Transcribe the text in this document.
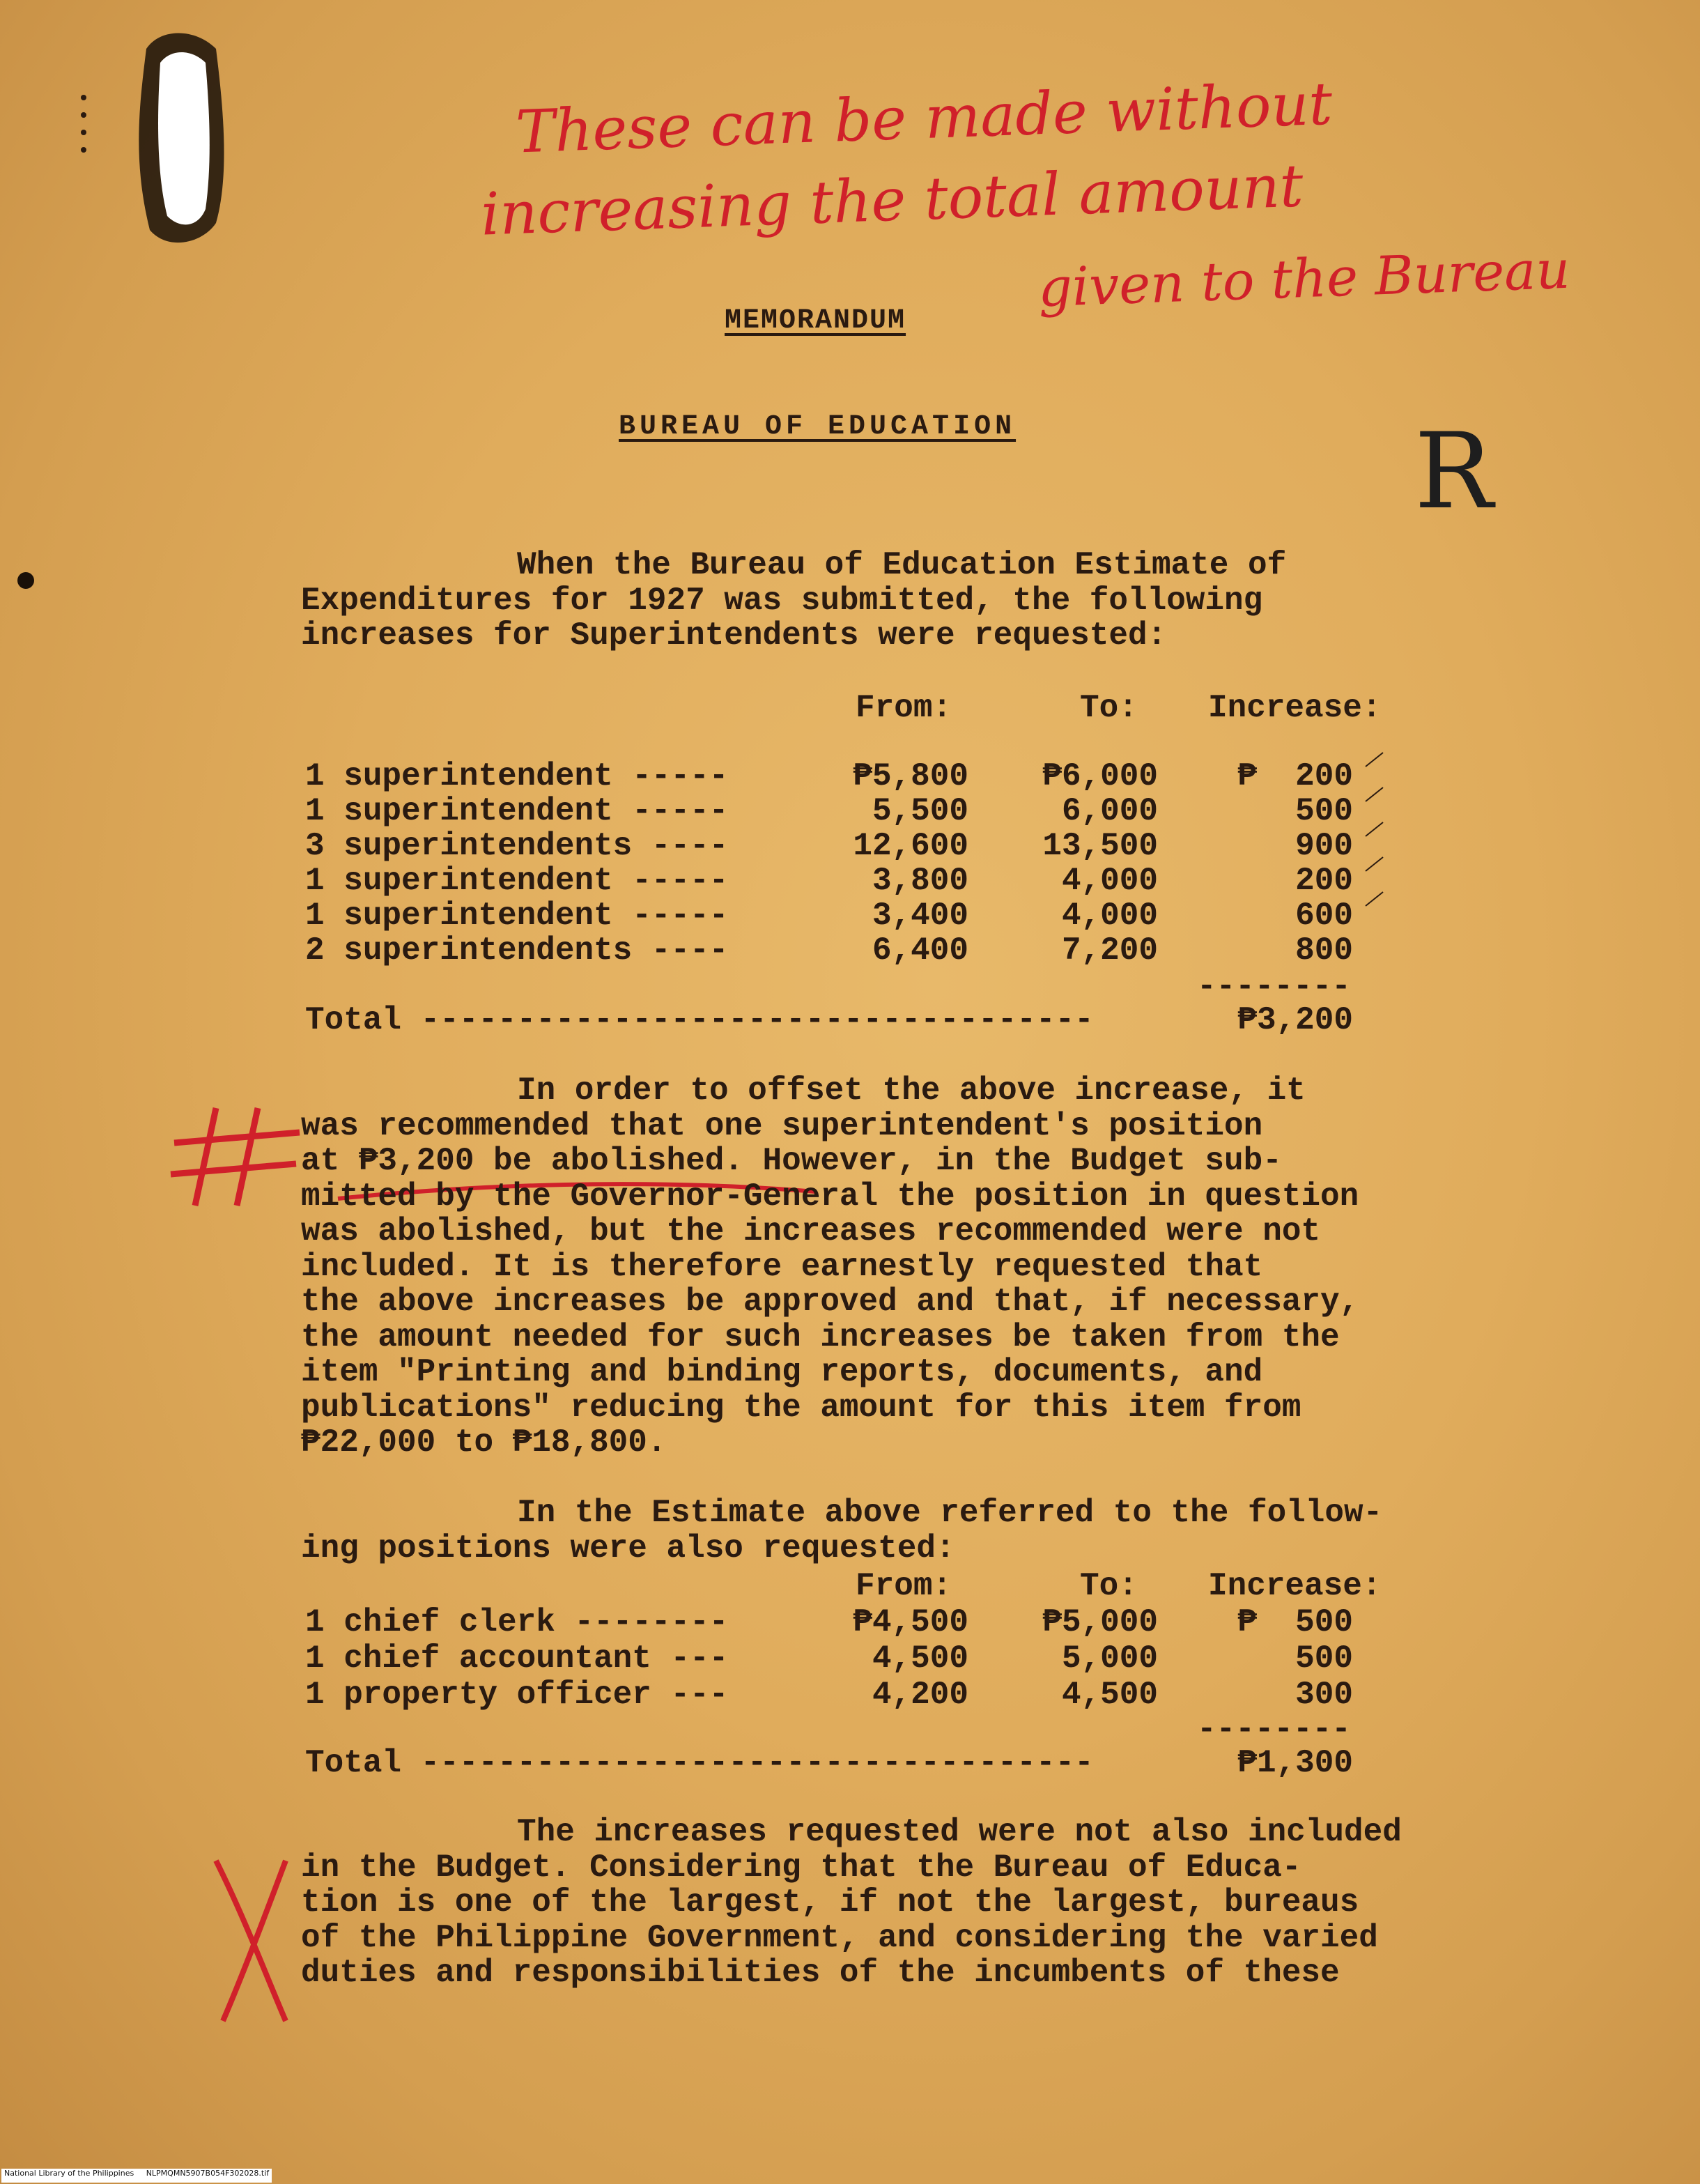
These can be made without
increasing the total amount
given to the Bureau
R
MEMORANDUM
BUREAU OF EDUCATION
When the Bureau of Education Estimate of
Expenditures for 1927 was submitted, the following
increases for Superintendents were requested:
From:	To: Increase:
1 superintendent -----	₱5,800	₱6,000	₱  200
1 superintendent -----	5,500	6,000	500
3 superintendents ----	12,600	13,500	900
1 superintendent -----	3,800	4,000	200
1 superintendent -----	3,400	4,000	600
2 superintendents ----	6,400	7,200	800
--------
Total -----------------------------------	₱3,200
In order to offset the above increase, it
was recommended that one superintendent's position
at ₱3,200 be abolished. However, in the Budget sub-
mitted by the Governor-General the position in question
was abolished, but the increases recommended were not
included. It is therefore earnestly requested that
the above increases be approved and that, if necessary,
the amount needed for such increases be taken from the
item "Printing and binding reports, documents, and
publications" reducing the amount for this item from
₱22,000 to ₱18,800.
In the Estimate above referred to the follow-
ing positions were also requested:
From:	To: Increase:
1 chief clerk --------	₱4,500	₱5,000	₱  500
1 chief accountant ---	4,500	5,000	500
1 property officer ---	4,200	4,500	300
--------
Total -----------------------------------	₱1,300
The increases requested were not also included
in the Budget. Considering that the Bureau of Educa-
tion is one of the largest, if not the largest, bureaus
of the Philippine Government, and considering the varied
duties and responsibilities of the incumbents of these
National Library of the Philippines     NLPMQMN5907B054F302028.tif
